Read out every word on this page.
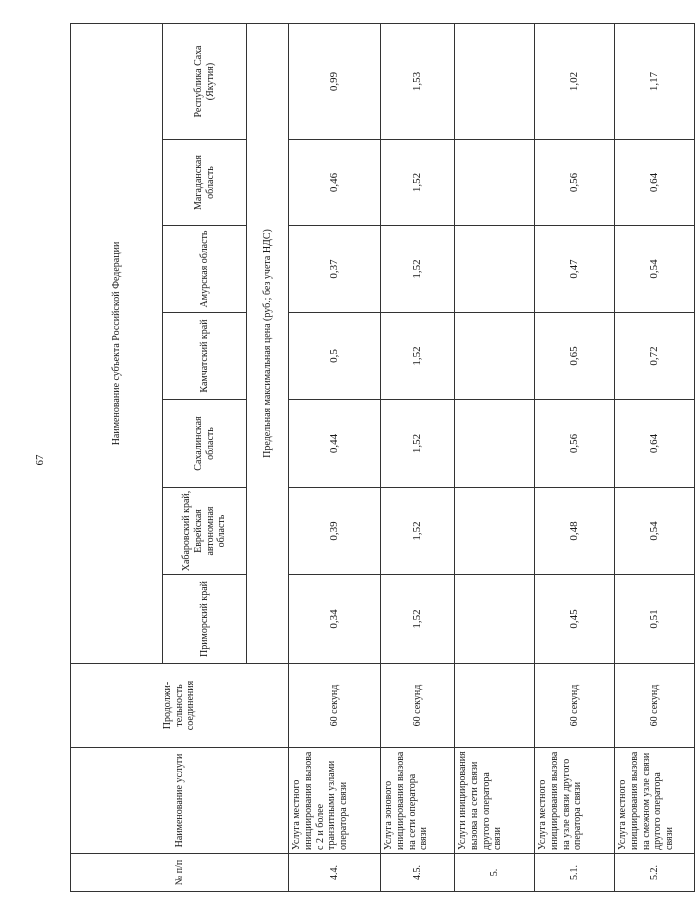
67
№ п/п	Наименование услуги	Продолжи-тельность соединения	Наименование субъекта Российской Федерации						
			Приморский край	Хабаровский край, Еврейская автономная область	Сахалинская область	Камчатский край	Амурская область	Магаданская область	Республика Саха (Якутия)
			Предельная максимальная цена (руб.; без учета НДС)						
4.4.	Услуга местного инициирования вызова с 2 и более транзитными узлами оператора связи	60 секунд	0,34	0,39	0,44	0,5	0,37	0,46	0,99
4.5.	Услуга зонового инициирования вызова на сети оператора связи	60 секунд	1,52	1,52	1,52	1,52	1,52	1,52	1,53
5.	Услуги инициирования вызова на сети связи другого оператора связи								
5.1.	Услуга местного инициирования вызова на узле связи другого оператора связи	60 секунд	0,45	0,48	0,56	0,65	0,47	0,56	1,02
5.2.	Услуга местного инициирования вызова на смежном узле связи другого оператора связи	60 секунд	0,51	0,54	0,64	0,72	0,54	0,64	1,17
